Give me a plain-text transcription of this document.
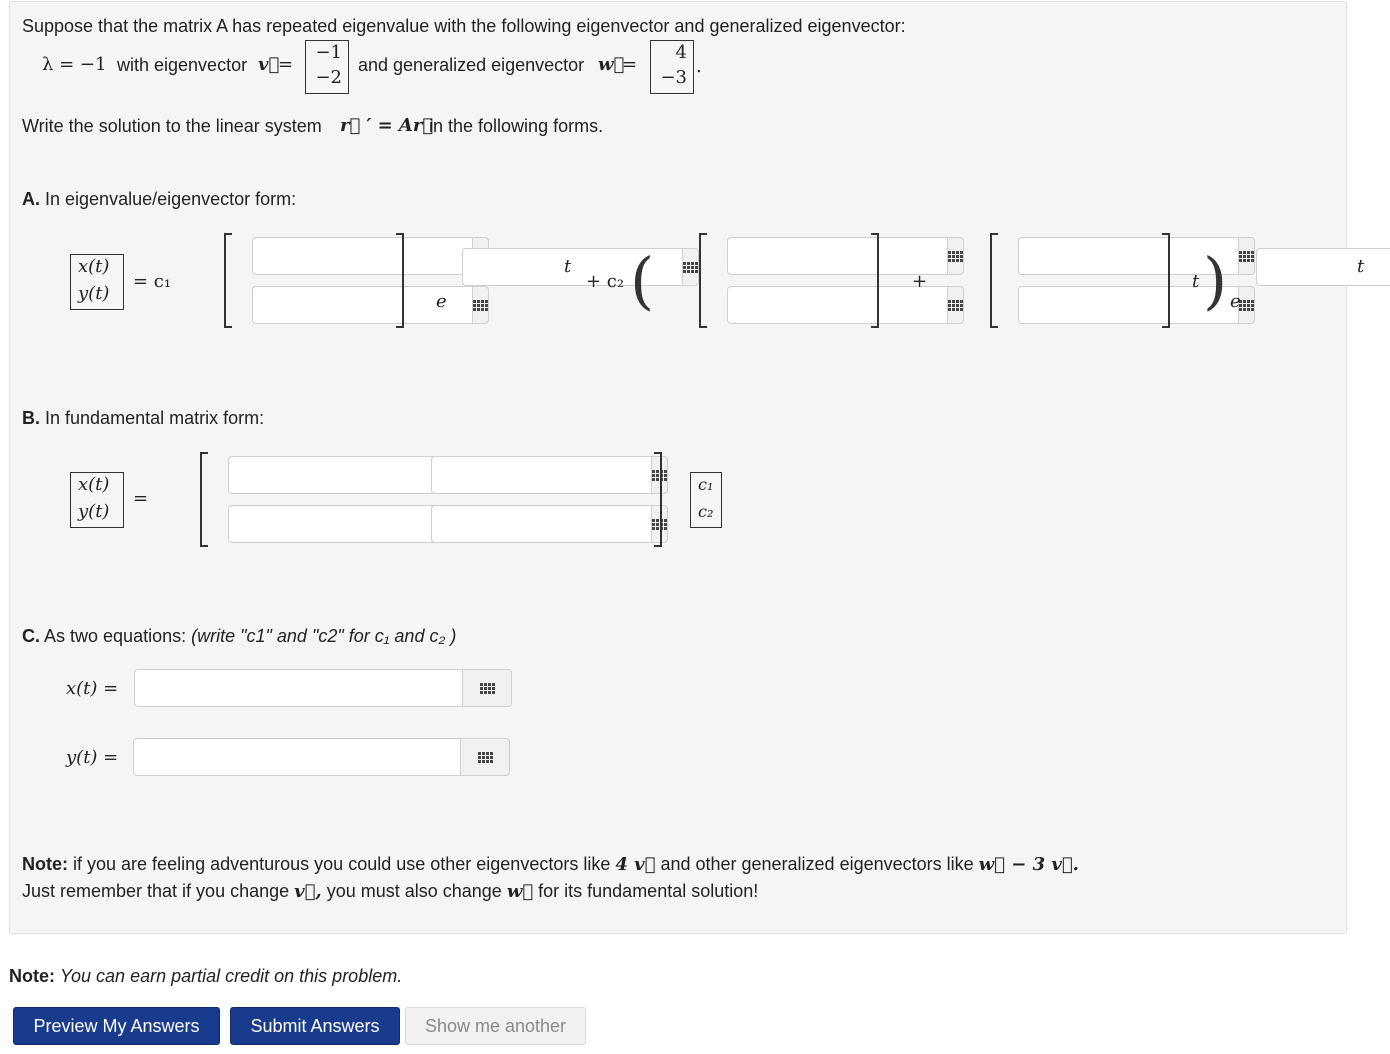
Suppose that the matrix A has repeated eigenvalue with the following eigenvector and generalized eigenvector:
λ = −1 with eigenvector v⃗
=
−1
−2
and generalized eigenvector w⃗
=
4
−3
.
Write the solution to the linear system r⃗ ′ = Ar⃗
in the following forms.
A. In eigenvalue/eigenvector form:
x(t)
y(t)
= c₁
e
t
+ c₂ (	+	t ) e
t
B. In fundamental matrix form:
x(t)
y(t)
=
c₁
c₂
C. As two equations: (write "c1" and "c2" for c₁ and c₂ )
x(t) =
y(t) =
Note: if you are feeling adventurous you could use other eigenvectors like 4 v⃗ and other generalized eigenvectors like w⃗ − 3 v⃗.
Just remember that if you change v⃗, you must also change w⃗ for its fundamental solution!
Note: You can earn partial credit on this problem.
Preview My Answers	Submit Answers	Show me another
